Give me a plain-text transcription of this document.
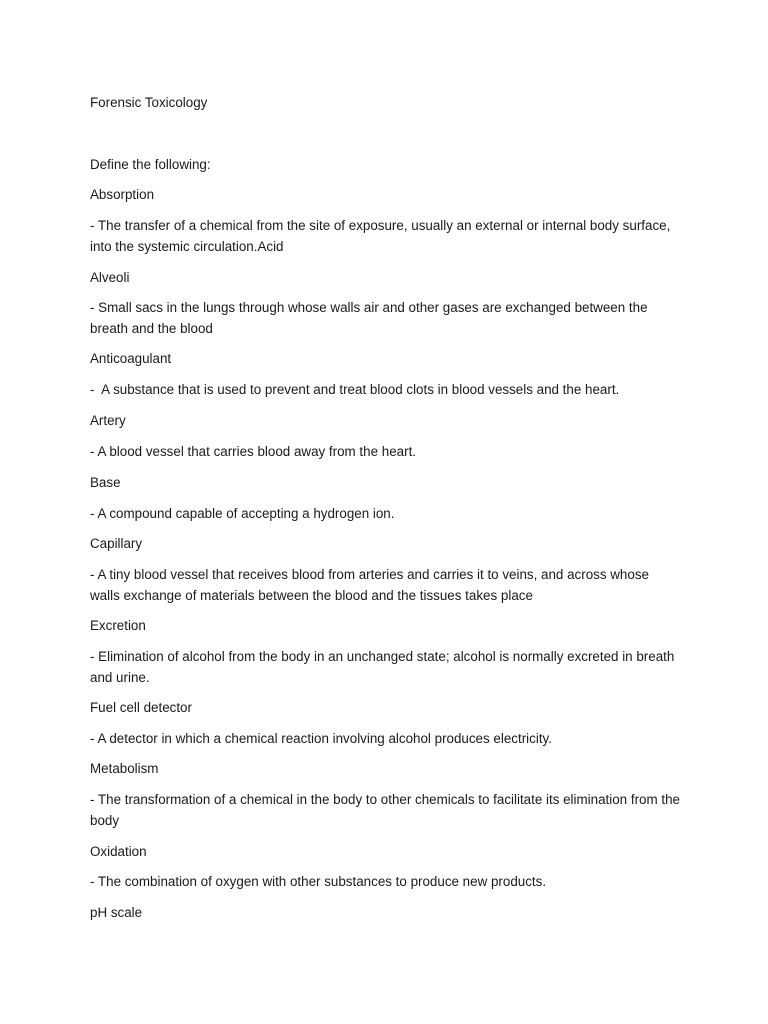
Forensic Toxicology
Define the following:
Absorption
- The transfer of a chemical from the site of exposure, usually an external or internal body surface, into the systemic circulation.Acid
Alveoli
- Small sacs in the lungs through whose walls air and other gases are exchanged between the breath and the blood
Anticoagulant
-  A substance that is used to prevent and treat blood clots in blood vessels and the heart.
Artery
- A blood vessel that carries blood away from the heart.
Base
- A compound capable of accepting a hydrogen ion.
Capillary
- A tiny blood vessel that receives blood from arteries and carries it to veins, and across whose walls exchange of materials between the blood and the tissues takes place
Excretion
- Elimination of alcohol from the body in an unchanged state; alcohol is normally excreted in breath and urine.
Fuel cell detector
- A detector in which a chemical reaction involving alcohol produces electricity.
Metabolism
- The transformation of a chemical in the body to other chemicals to facilitate its elimination from the body
Oxidation
- The combination of oxygen with other substances to produce new products.
pH scale
